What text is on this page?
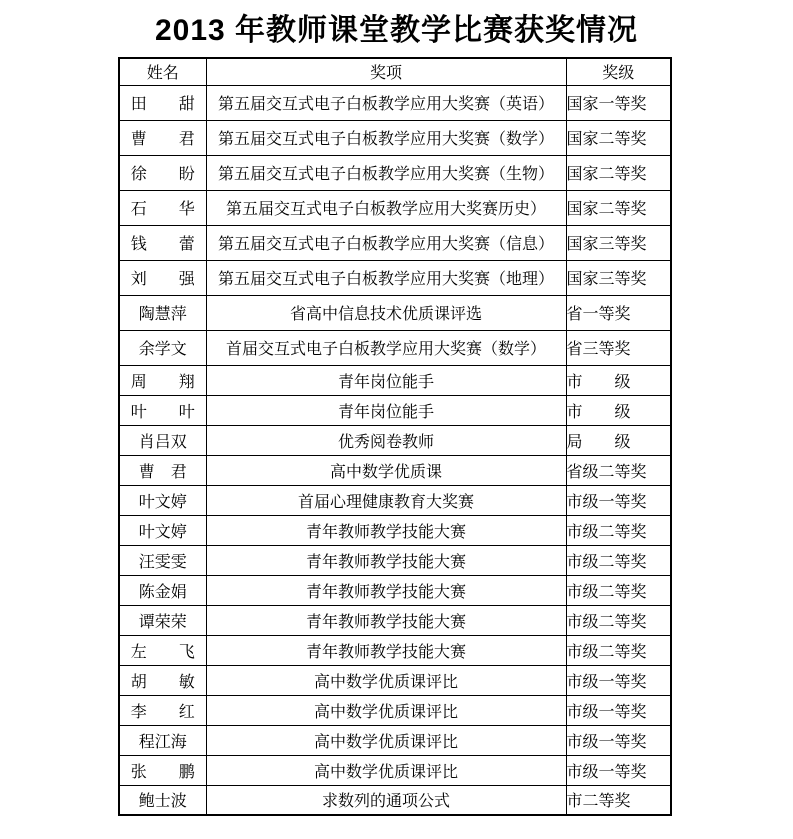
2013 年教师课堂教学比赛获奖情况
姓名	奖项	奖级
田　　甜	第五届交互式电子白板教学应用大奖赛（英语）	国家一等奖
曹　　君	第五届交互式电子白板教学应用大奖赛（数学）	国家二等奖
徐　　盼	第五届交互式电子白板教学应用大奖赛（生物）	国家二等奖
石　　华	第五届交互式电子白板教学应用大奖赛历史）	国家二等奖
钱　　蕾	第五届交互式电子白板教学应用大奖赛（信息）	国家三等奖
刘　　强	第五届交互式电子白板教学应用大奖赛（地理）	国家三等奖
陶慧萍	省高中信息技术优质课评选	省一等奖
余学文	首届交互式电子白板教学应用大奖赛（数学）	省三等奖
周　　翔	青年岗位能手	市　　级
叶　　叶	青年岗位能手	市　　级
肖吕双	优秀阅卷教师	局　　级
曹　君	高中数学优质课	省级二等奖
叶文婷	首届心理健康教育大奖赛	市级一等奖
叶文婷	青年教师教学技能大赛	市级二等奖
汪雯雯	青年教师教学技能大赛	市级二等奖
陈金娟	青年教师教学技能大赛	市级二等奖
谭荣荣	青年教师教学技能大赛	市级二等奖
左　　飞	青年教师教学技能大赛	市级二等奖
胡　　敏	高中数学优质课评比	市级一等奖
李　　红	高中数学优质课评比	市级一等奖
程江海	高中数学优质课评比	市级一等奖
张　　鹏	高中数学优质课评比	市级一等奖
鲍士波	求数列的通项公式	市二等奖
